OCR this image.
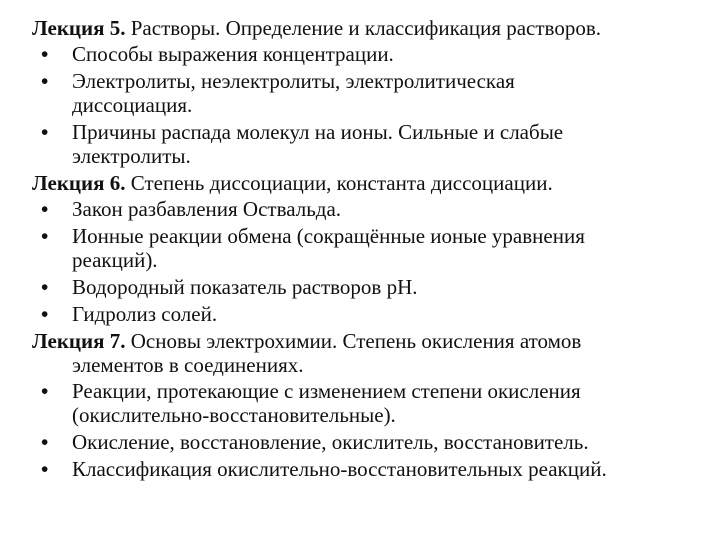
Лекция 5. Растворы. Определение и классификация растворов.
• Способы выражения концентрации.
• Электролиты, неэлектролиты, электролитическая
диссоциация.
• Причины распада молекул на ионы. Сильные и слабые
электролиты.
Лекция 6. Степень диссоциации, константа диссоциации.
• Закон разбавления Оствальда.
• Ионные реакции обмена (сокращённые ионые уравнения
реакций).
• Водородный показатель растворов pH.
• Гидролиз солей.
Лекция 7. Основы электрохимии. Степень окисления атомов
элементов в соединениях.
• Реакции, протекающие с изменением степени окисления
(окислительно-восстановительные).
• Окисление, восстановление, окислитель, восстановитель.
• Классификация окислительно-восстановительных реакций.
